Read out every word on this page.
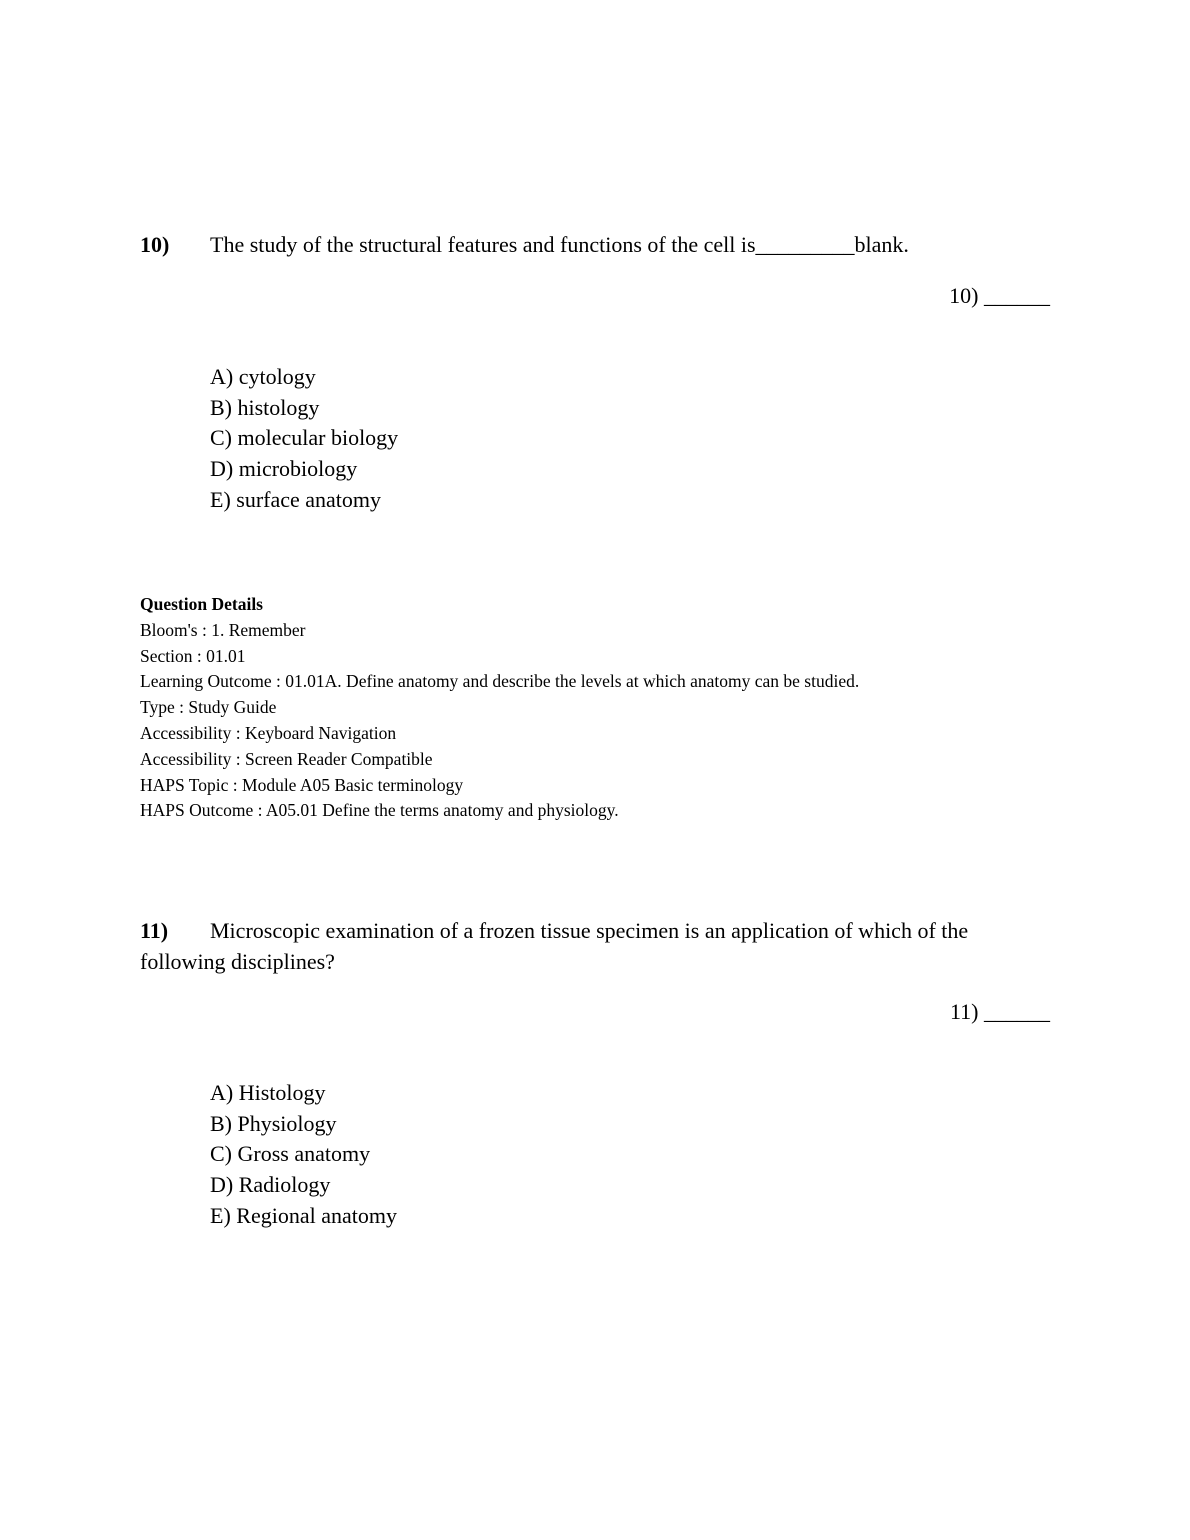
10) The study of the structural features and functions of the cell is_________blank.
10) ______
A) cytology
B) histology
C) molecular biology
D) microbiology
E) surface anatomy
Question Details
Bloom's : 1. Remember
Section : 01.01
Learning Outcome : 01.01A. Define anatomy and describe the levels at which anatomy can be studied.
Type : Study Guide
Accessibility : Keyboard Navigation
Accessibility : Screen Reader Compatible
HAPS Topic : Module A05 Basic terminology
HAPS Outcome : A05.01 Define the terms anatomy and physiology.
11) Microscopic examination of a frozen tissue specimen is an application of which of the following disciplines?
11) ______
A) Histology
B) Physiology
C) Gross anatomy
D) Radiology
E) Regional anatomy
